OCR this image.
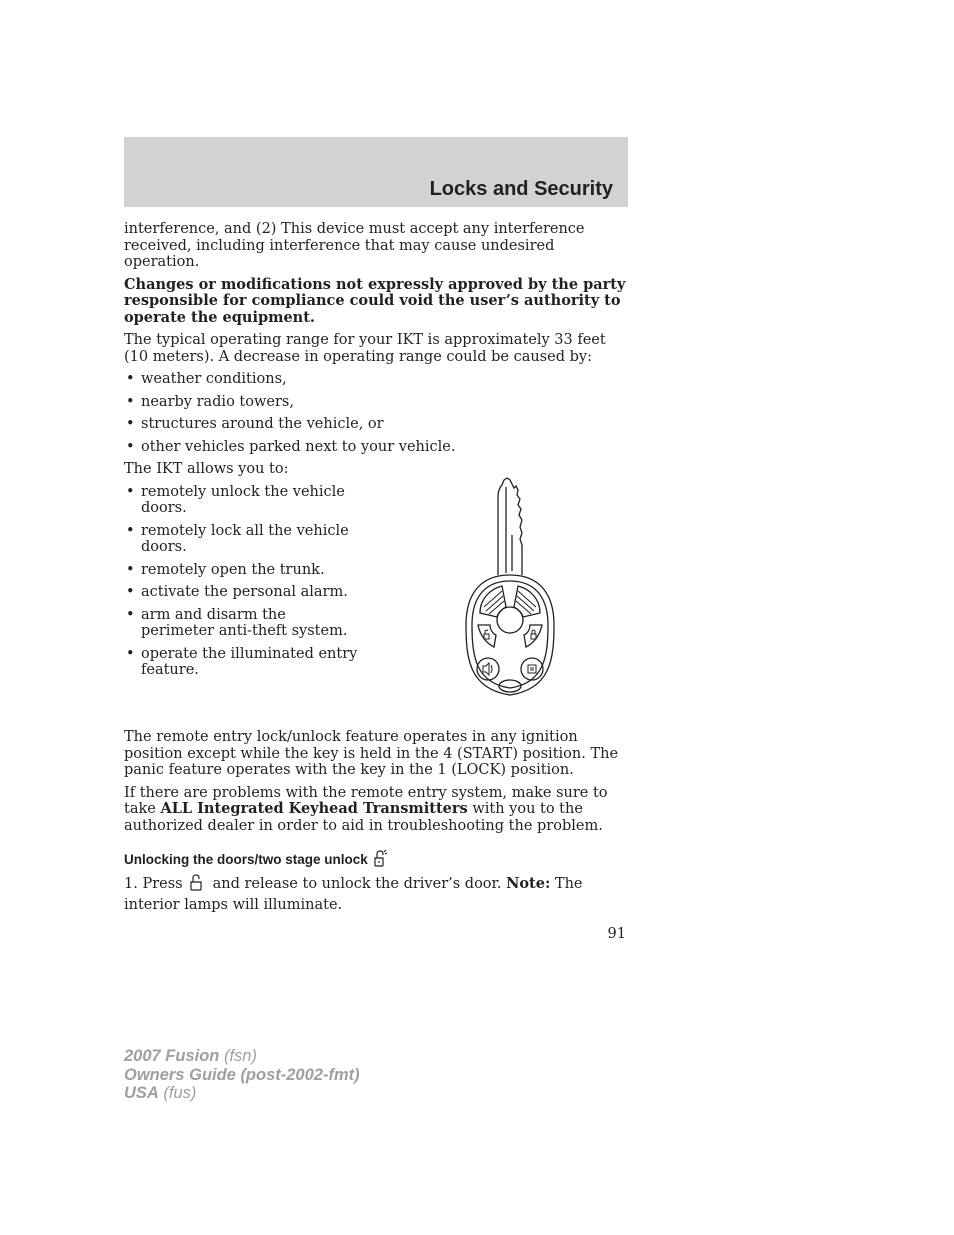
Locks and Security

interference, and (2) This device must accept any interference received, including interference that may cause undesired operation.

Changes or modifications not expressly approved by the party responsible for compliance could void the user’s authority to operate the equipment.

The typical operating range for your IKT is approximately 33 feet (10 meters). A decrease in operating range could be caused by:

• weather conditions,
• nearby radio towers,
• structures around the vehicle, or
• other vehicles parked next to your vehicle.

The IKT allows you to:

• remotely unlock the vehicle doors.
• remotely lock all the vehicle doors.
• remotely open the trunk.
• activate the personal alarm.
• arm and disarm the perimeter anti-theft system.
• operate the illuminated entry feature.

The remote entry lock/unlock feature operates in any ignition position except while the key is held in the 4 (START) position. The panic feature operates with the key in the 1 (LOCK) position.

If there are problems with the remote entry system, make sure to take ALL Integrated Keyhead Transmitters with you to the authorized dealer in order to aid in troubleshooting the problem.

Unlocking the doors/two stage unlock
1. Press and release to unlock the driver’s door. Note: The interior lamps will illuminate.
91
2007 Fusion (fsn)
Owners Guide (post-2002-fmt)
USA (fus)
